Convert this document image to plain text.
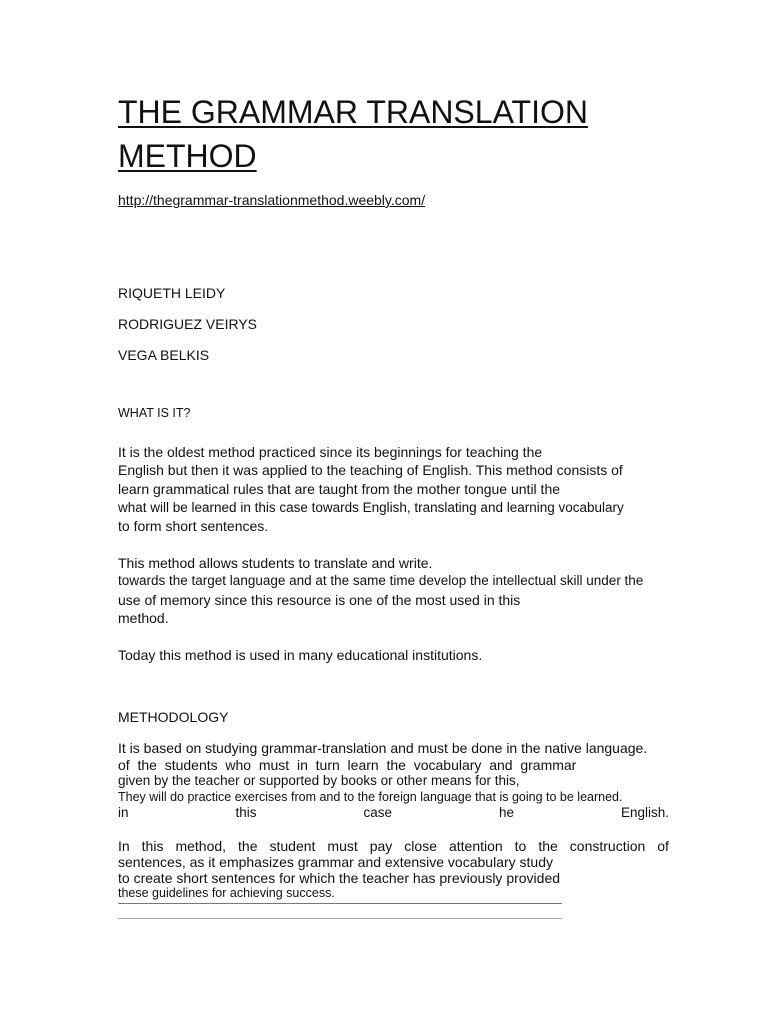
THE GRAMMAR TRANSLATION
METHOD
http://thegrammar-translationmethod.weebly.com/
RIQUETH LEIDY
RODRIGUEZ VEIRYS
VEGA BELKIS
WHAT IS IT?
It is the oldest method practiced since its beginnings for teaching the
English but then it was applied to the teaching of English. This method consists of
learn grammatical rules that are taught from the mother tongue until the
what will be learned in this case towards English, translating and learning vocabulary
to form short sentences.
This method allows students to translate and write.
towards the target language and at the same time develop the intellectual skill under the
use of memory since this resource is one of the most used in this
method.
Today this method is used in many educational institutions.
METHODOLOGY
It is based on studying grammar-translation and must be done in the native language.
of  the  students  who  must  in  turn  learn  the  vocabulary  and  grammar
given by the teacher or supported by books or other means for this,
They will do practice exercises from and to the foreign language that is going to be learned.
in	this	case	he	English.
In this method, the student must pay close attention to the construction of
sentences, as it emphasizes grammar and extensive vocabulary study
to create short sentences for which the teacher has previously provided
these guidelines for achieving success.
